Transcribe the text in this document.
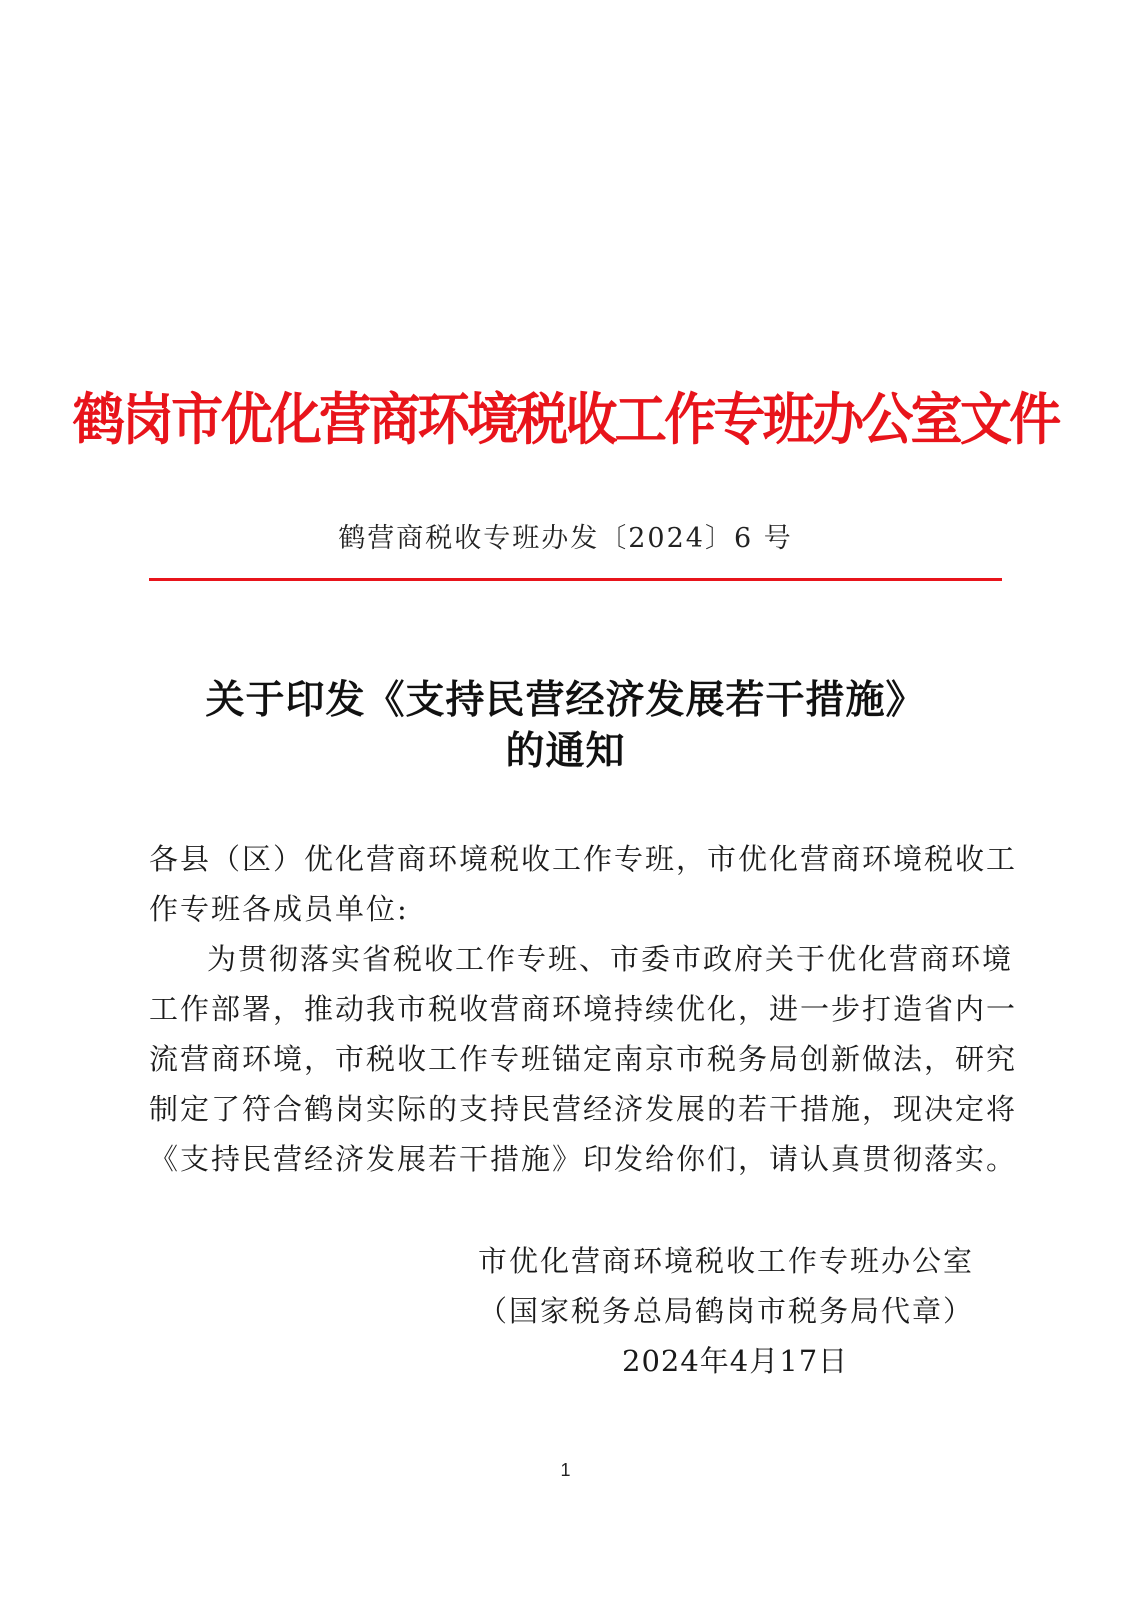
鹤岗市优化营商环境税收工作专班办公室文件
鹤营商税收专班办发〔2024〕6 号
关于印发《支持民营经济发展若干措施》
的通知
各县（区）优化营商环境税收工作专班，市优化营商环境税收工
作专班各成员单位:
为贯彻落实省税收工作专班、市委市政府关于优化营商环境
工作部署，推动我市税收营商环境持续优化，进一步打造省内一
流营商环境，市税收工作专班锚定南京市税务局创新做法，研究
制定了符合鹤岗实际的支持民营经济发展的若干措施，现决定将
《支持民营经济发展若干措施》印发给你们，请认真贯彻落实。
市优化营商环境税收工作专班办公室
（国家税务总局鹤岗市税务局代章）
2024年4月17日
1
